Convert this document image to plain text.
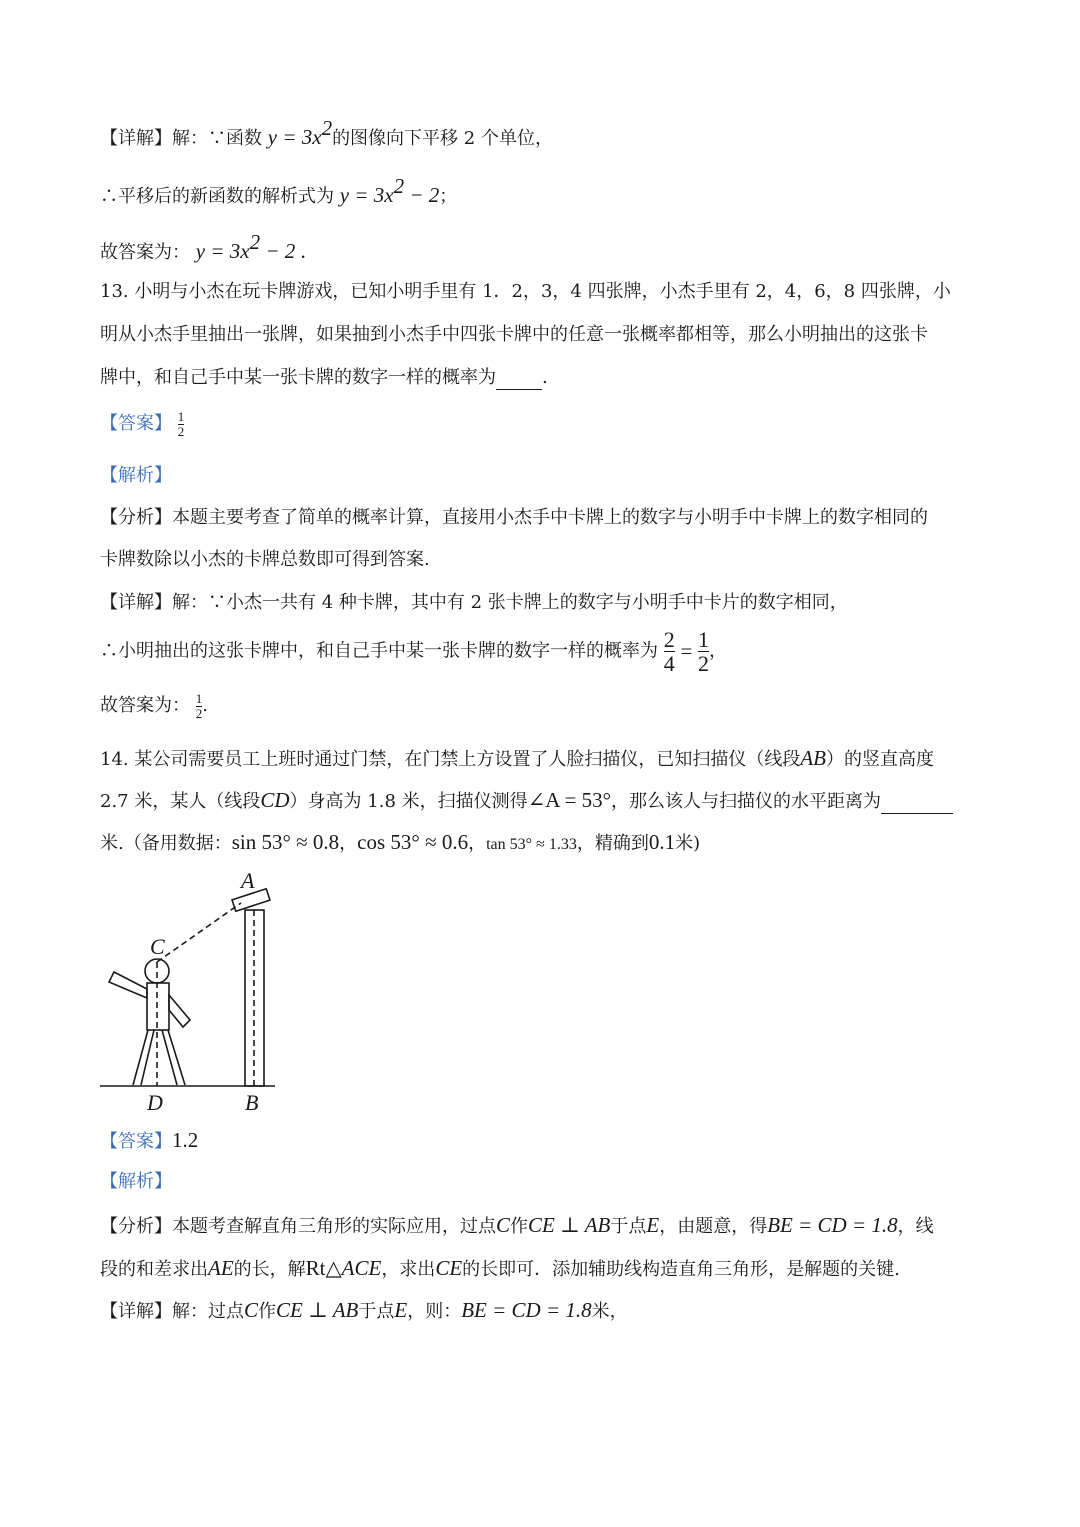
【详解】解：∵函数 $y = 3x^2$的图像向下平移 2 个单位，
∴平移后的新函数的解析式为 $y = 3x^2 - 2$；
故答案为： $y = 3x^2 - 2$ .
13. 小明与小杰在玩卡牌游戏，已知小明手里有 1．2，3，4 四张牌，小杰手里有 2，4，6，8 四张牌，小
明从小杰手里抽出一张牌，如果抽到小杰手中四张卡牌中的任意一张概率都相等，那么小明抽出的这张卡
牌中，和自己手中某一张卡牌的数字一样的概率为	.
【答案】 $\frac{1}{2}$
【解析】
【分析】本题主要考查了简单的概率计算，直接用小杰手中卡牌上的数字与小明手中卡牌上的数字相同的
卡牌数除以小杰的卡牌总数即可得到答案.
【详解】解：∵小杰一共有 4 种卡牌，其中有 2 张卡牌上的数字与小明手中卡片的数字相同，
∴小明抽出的这张卡牌中，和自己手中某一张卡牌的数字一样的概率为 $\frac{2}{4} = \frac{1}{2}$ ，
故答案为： $\frac{1}{2}$ .
14. 某公司需要员工上班时通过门禁，在门禁上方设置了人脸扫描仪，已知扫描仪（线段AB）的竖直高度
2.7 米，某人（线段CD）身高为 1.8 米，扫描仪测得∠A = 53°，那么该人与扫描仪的水平距离为
米.（备用数据：sin 53° ≈ 0.8，cos 53° ≈ 0.6，tan 53° ≈ 1.33，精确到0.1米)
A
C
D	B
【答案】1.2
【解析】
【分析】本题考查解直角三角形的实际应用，过点C作CE ⊥ AB于点E，由题意，得BE = CD = 1.8，线
段的和差求出AE的长，解Rt△ACE，求出CE的长即可．添加辅助线构造直角三角形，是解题的关键.
【详解】解：过点C作CE ⊥ AB于点E，则：BE = CD = 1.8米，
